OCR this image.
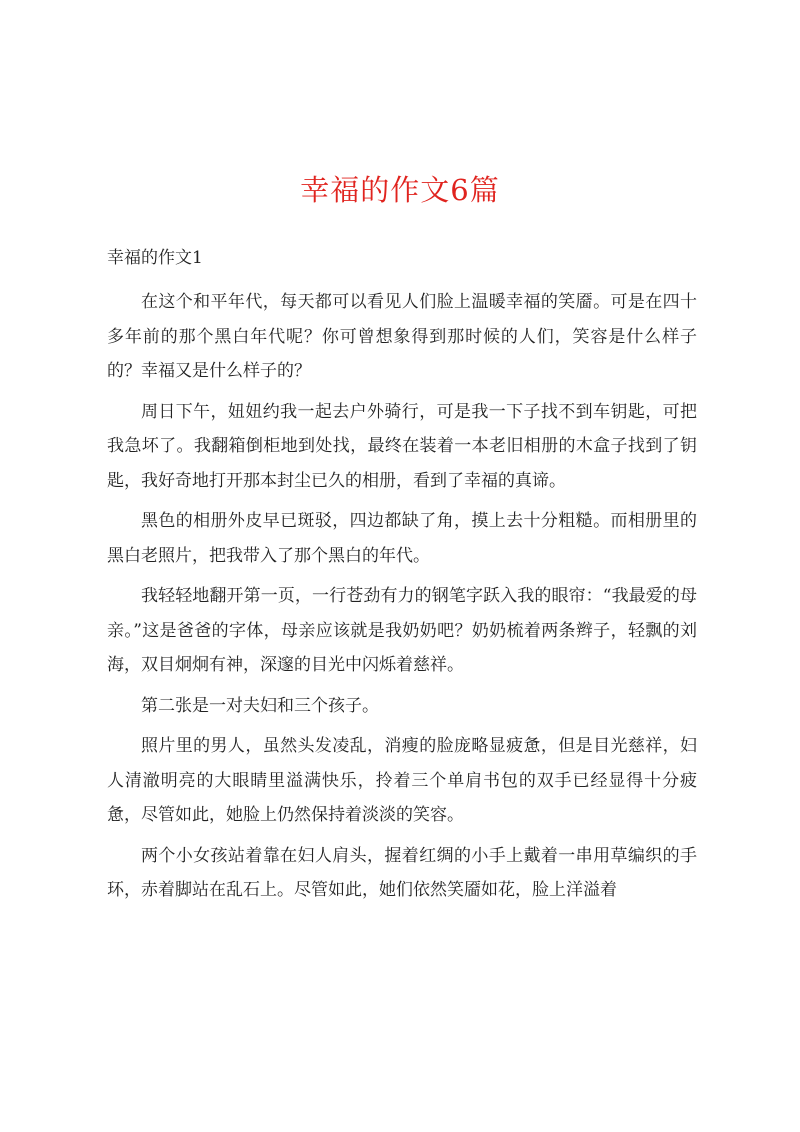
幸福的作文6篇
幸福的作文1

在这个和平年代，每天都可以看见人们脸上温暖幸福的笑靥。可是在四十多年前的那个黑白年代呢？你可曾想象得到那时候的人们，笑容是什么样子的？幸福又是什么样子的？

周日下午，妞妞约我一起去户外骑行，可是我一下子找不到车钥匙，可把我急坏了。我翻箱倒柜地到处找，最终在装着一本老旧相册的木盒子找到了钥匙，我好奇地打开那本封尘已久的相册，看到了幸福的真谛。

黑色的相册外皮早已斑驳，四边都缺了角，摸上去十分粗糙。而相册里的黑白老照片，把我带入了那个黑白的年代。

我轻轻地翻开第一页，一行苍劲有力的钢笔字跃入我的眼帘：“我最爱的母亲。”这是爸爸的字体，母亲应该就是我奶奶吧？奶奶梳着两条辫子，轻飘的刘海，双目炯炯有神，深邃的目光中闪烁着慈祥。

第二张是一对夫妇和三个孩子。

照片里的男人，虽然头发凌乱，消瘦的脸庞略显疲惫，但是目光慈祥，妇人清澈明亮的大眼睛里溢满快乐，拎着三个单肩书包的双手已经显得十分疲惫，尽管如此，她脸上仍然保持着淡淡的笑容。

两个小女孩站着靠在妇人肩头，握着红绸的小手上戴着一串用草编织的手环，赤着脚站在乱石上。尽管如此，她们依然笑靥如花，脸上洋溢着
